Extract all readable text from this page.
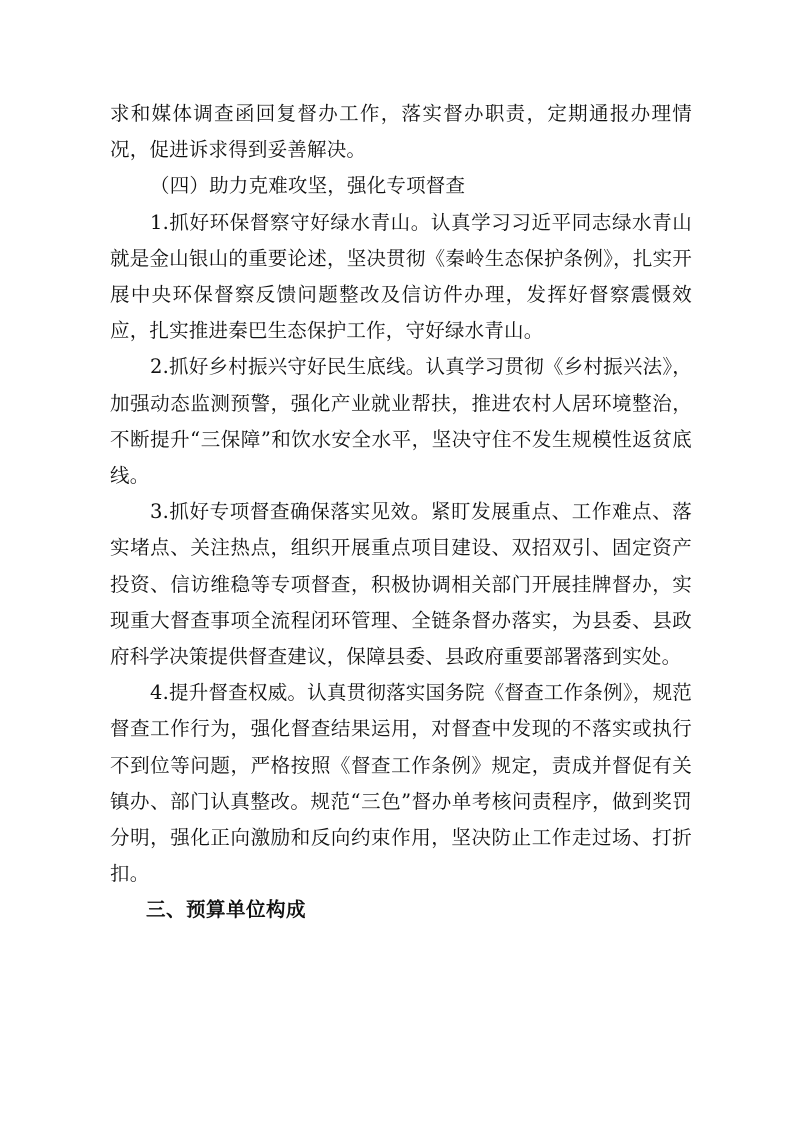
求和媒体调查函回复督办工作，落实督办职责，定期通报办理情况，促进诉求得到妥善解决。

（四）助力克难攻坚，强化专项督查

1.抓好环保督察守好绿水青山。认真学习习近平同志绿水青山就是金山银山的重要论述，坚决贯彻《秦岭生态保护条例》，扎实开展中央环保督察反馈问题整改及信访件办理，发挥好督察震慑效应，扎实推进秦巴生态保护工作，守好绿水青山。

2.抓好乡村振兴守好民生底线。认真学习贯彻《乡村振兴法》，加强动态监测预警，强化产业就业帮扶，推进农村人居环境整治，不断提升“三保障”和饮水安全水平，坚决守住不发生规模性返贫底线。

3.抓好专项督查确保落实见效。紧盯发展重点、工作难点、落实堵点、关注热点，组织开展重点项目建设、双招双引、固定资产投资、信访维稳等专项督查，积极协调相关部门开展挂牌督办，实现重大督查事项全流程闭环管理、全链条督办落实，为县委、县政府科学决策提供督查建议，保障县委、县政府重要部署落到实处。

4.提升督查权威。认真贯彻落实国务院《督查工作条例》，规范督查工作行为，强化督查结果运用，对督查中发现的不落实或执行不到位等问题，严格按照《督查工作条例》规定，责成并督促有关镇办、部门认真整改。规范“三色”督办单考核问责程序，做到奖罚分明，强化正向激励和反向约束作用，坚决防止工作走过场、打折扣。

三、预算单位构成
